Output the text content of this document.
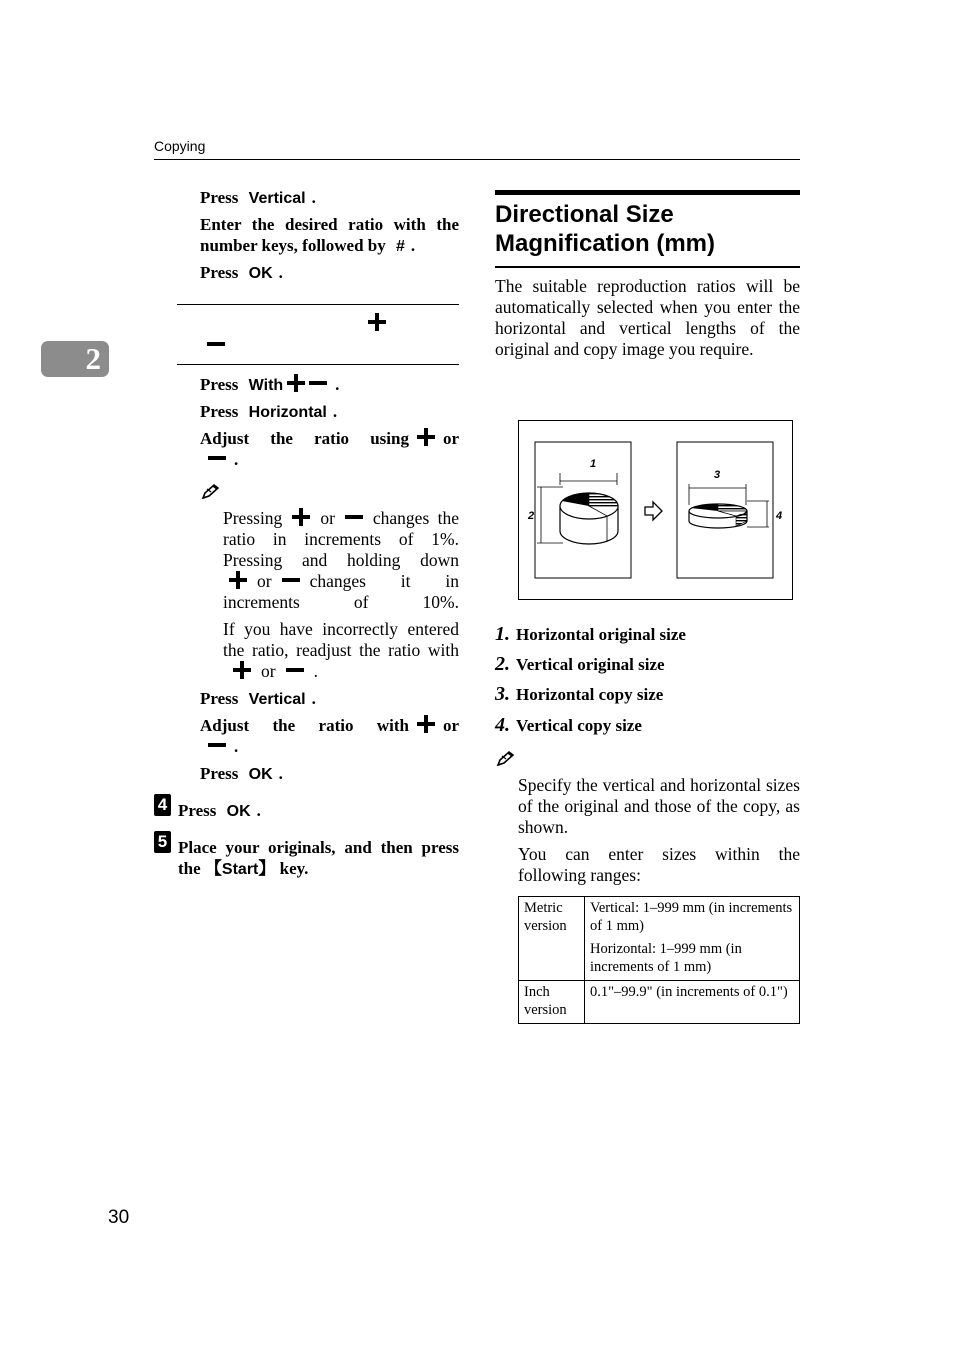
Copying
2
Press Vertical .
Enter the desired ratio with the number keys, followed by # .
Press OK .

Press With	.
Press Horizontal .
Adjust the ratio using or
.
Pressing or changes the ratio in increments of 1%. Pressing and holding down
Press Vertical .
Adjust the ratio with or
.
Press OK .
4 Press OK .
5 Place your originals, and then press the 【Start】 key.
Directional Size Magnification (mm)
The suitable reproduction ratios will be automatically selected when you enter the horizontal and vertical lengths of the original and copy image you require.
1
2
3
4
1. Horizontal original size
2. Vertical original size
3. Horizontal copy size
4. Vertical copy size
Specify the vertical and horizontal sizes of the original and those of the copy, as shown.
You can enter sizes within the following ranges:
Metric version	Vertical: 1–999 mm (in increments of 1 mm)
Horizontal: 1–999 mm (in increments of 1 mm)

Inch version	0.1"–99.9" (in increments of 0.1")
30
or changes it in increments of 10%.
If you have incorrectly entered the ratio, readjust the ratio withor .
